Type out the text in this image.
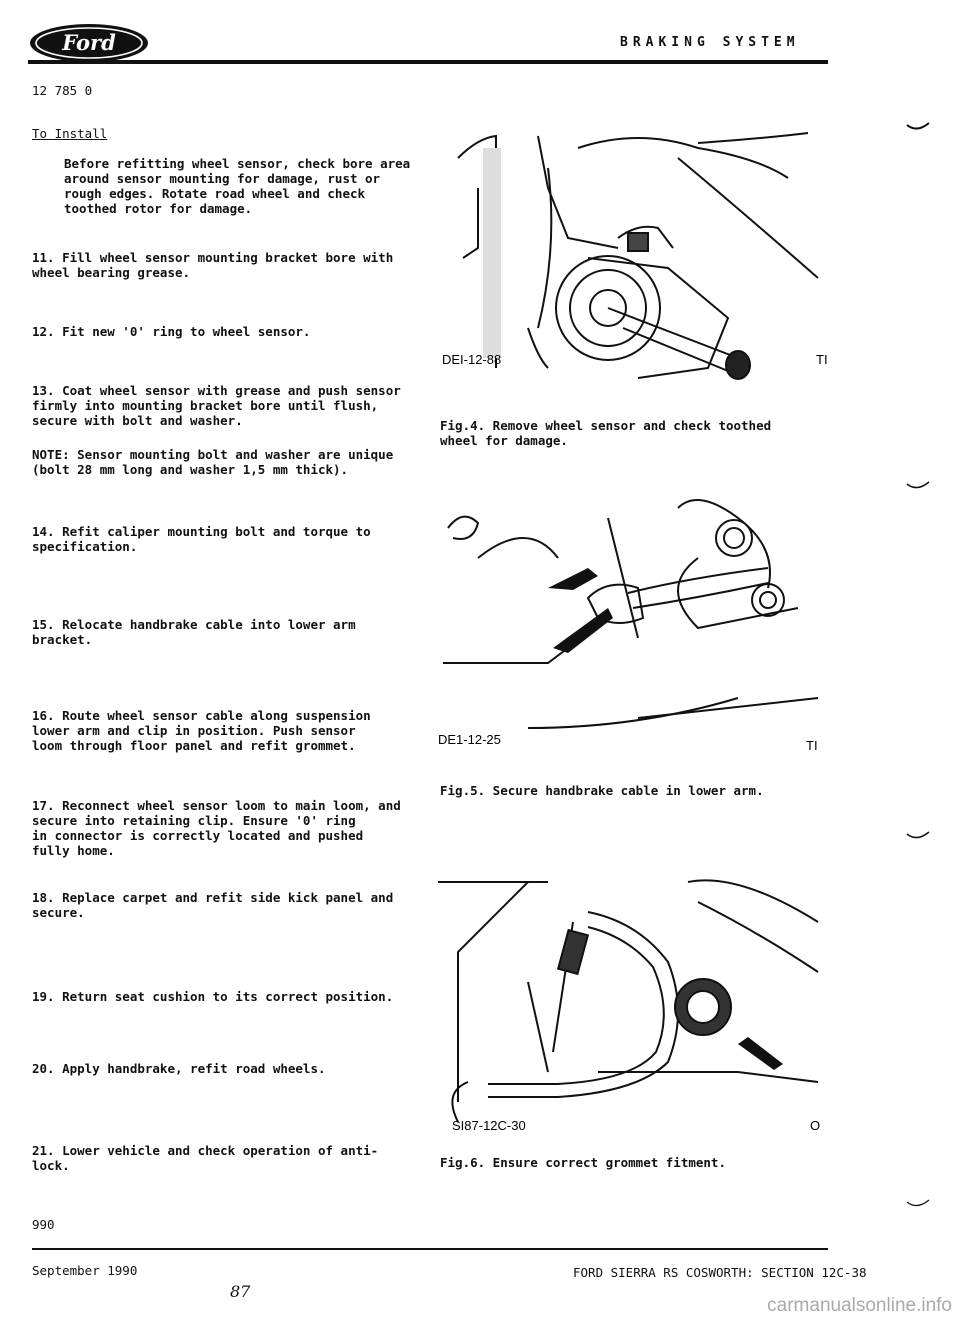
Ford	BRAKING SYSTEM
12 785 0
To Install
Before refitting wheel sensor, check bore area
around sensor mounting for damage, rust or
rough edges. Rotate road wheel and check
toothed rotor for damage.
11. Fill wheel sensor mounting bracket bore with
wheel bearing grease.
12. Fit new '0' ring to wheel sensor.
13. Coat wheel sensor with grease and push sensor
firmly into mounting bracket bore until flush,
secure with bolt and washer.
NOTE: Sensor mounting bolt and washer are unique
(bolt 28 mm long and washer 1,5 mm thick).
14. Refit caliper mounting bolt and torque to
specification.
15. Relocate handbrake cable into lower arm
bracket.
16. Route wheel sensor cable along suspension
lower arm and clip in position. Push sensor
loom through floor panel and refit grommet.
17. Reconnect wheel sensor loom to main loom, and
secure into retaining clip. Ensure '0' ring
in connector is correctly located and pushed
fully home.
18. Replace carpet and refit side kick panel and
secure.
19. Return seat cushion to its correct position.
20. Apply handbrake, refit road wheels.
21. Lower vehicle and check operation of anti-
lock.
DEI-12-88	TI
Fig.4. Remove wheel sensor and check toothed
wheel for damage.
DE1-12-25	TI
Fig.5. Secure handbrake cable in lower arm.
SI87-12C-30	O
Fig.6. Ensure correct grommet fitment.
990
September 1990	FORD SIERRA RS COSWORTH: SECTION 12C-38
87
carmanualsonline.info
